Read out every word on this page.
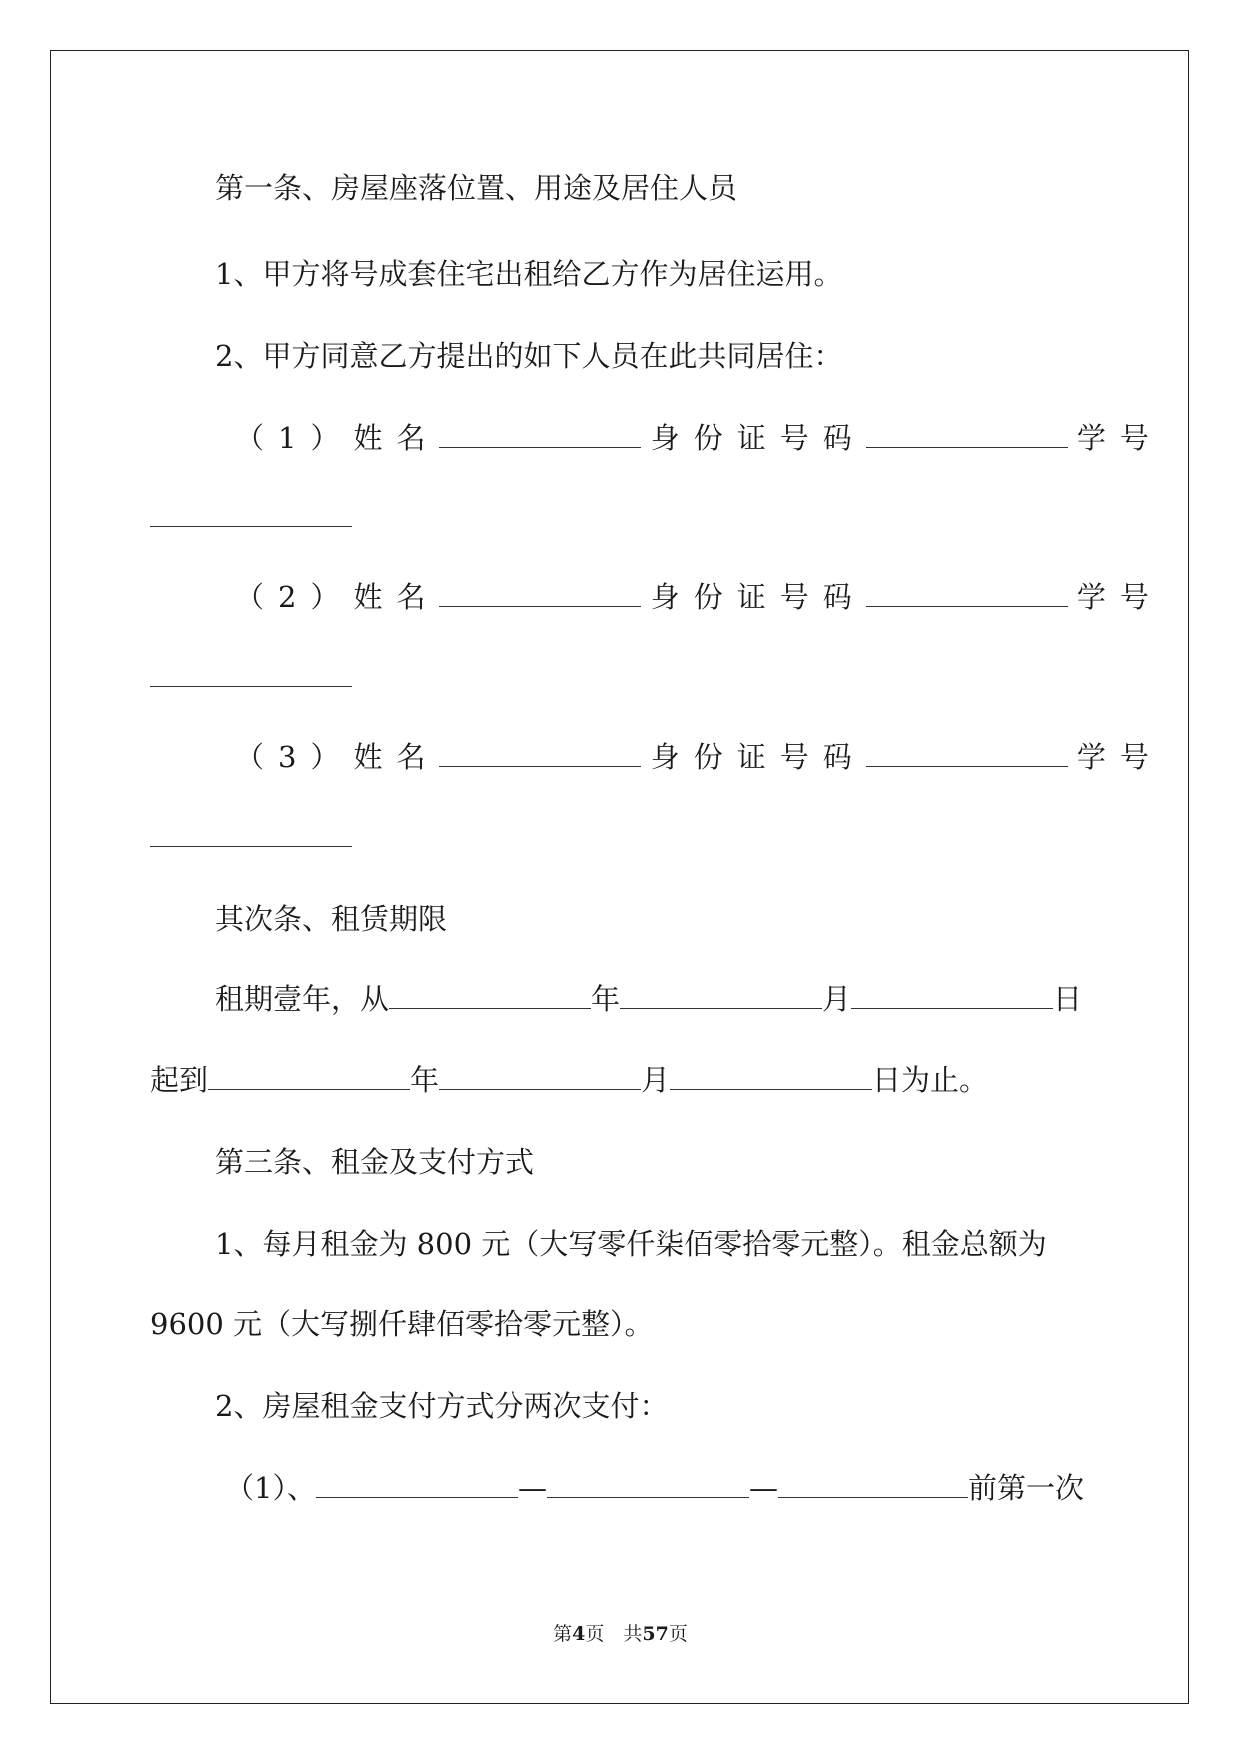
第一条、房屋座落位置、用途及居住人员
1、甲方将号成套住宅出租给乙方作为居住运用。
2、甲方同意乙方提出的如下人员在此共同居住：
（1）姓名	身份证号码	学号
（2）姓名	身份证号码	学号
（3）姓名	身份证号码	学号
其次条、租赁期限
租期壹年，从	年	月	日
起到	年	月	日为止。
第三条、租金及支付方式
1、每月租金为 800 元（大写零仟柒佰零拾零元整）。租金总额为
9600 元（大写捌仟肆佰零拾零元整）。
2、房屋租金支付方式分两次支付：
（1）、	—	—	前第一次
第4页　共57页
